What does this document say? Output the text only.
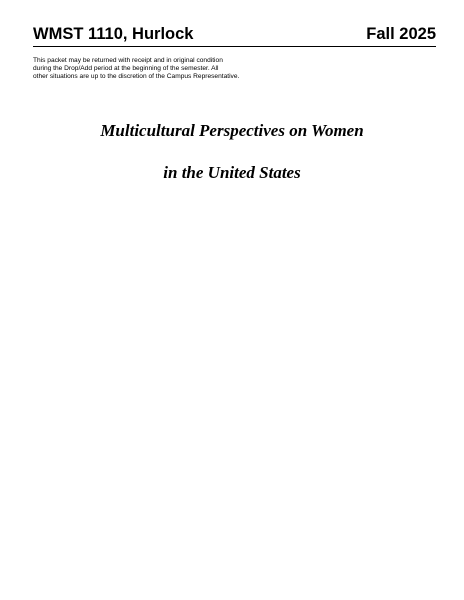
WMST 1110, Hurlock	Fall 2025
This packet may be returned with receipt and in original condition
during the Drop/Add period at the beginning of the semester. All
other situations are up to the discretion of the Campus Representative.
Multicultural Perspectives on Women
in the United States
